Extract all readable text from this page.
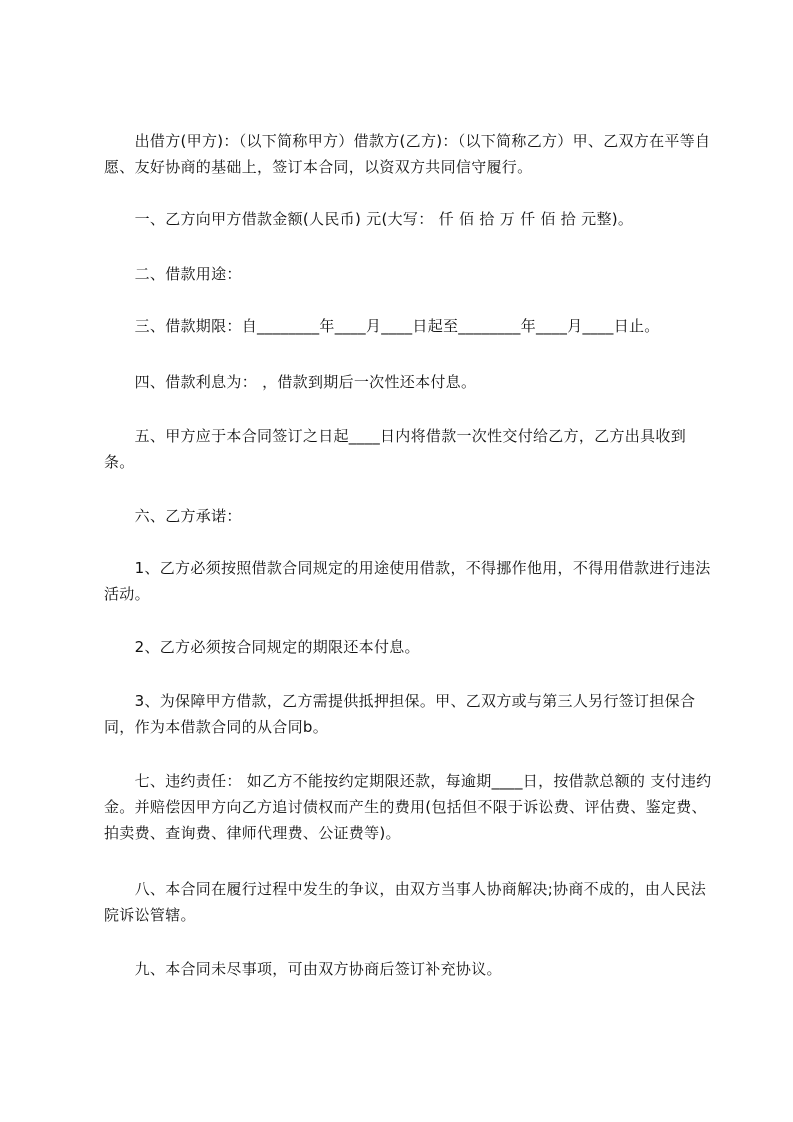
　　出借方(甲方)：（以下简称甲方）借款方(乙方)：（以下简称乙方）甲、乙双方在平等自愿、友好协商的基础上，签订本合同，以资双方共同信守履行。

　　一、乙方向甲方借款金额(人民币) 元(大写： 仟 佰 拾 万 仟 佰 拾 元整)。

　　二、借款用途：

　　三、借款期限：自________年____月____日起至________年____月____日止。

　　四、借款利息为： ，借款到期后一次性还本付息。

　　五、甲方应于本合同签订之日起____日内将借款一次性交付给乙方，乙方出具收到条。

　　六、乙方承诺：

　　1、乙方必须按照借款合同规定的用途使用借款，不得挪作他用，不得用借款进行违法活动。

　　2、乙方必须按合同规定的期限还本付息。

　　3、为保障甲方借款，乙方需提供抵押担保。甲、乙双方或与第三人另行签订担保合同，作为本借款合同的从合同b。

　　七、违约责任： 如乙方不能按约定期限还款，每逾期____日，按借款总额的 支付违约金。并赔偿因甲方向乙方追讨债权而产生的费用(包括但不限于诉讼费、评估费、鉴定费、拍卖费、查询费、律师代理费、公证费等)。

　　八、本合同在履行过程中发生的争议，由双方当事人协商解决;协商不成的，由人民法院诉讼管辖。

　　九、本合同未尽事项，可由双方协商后签订补充协议。
